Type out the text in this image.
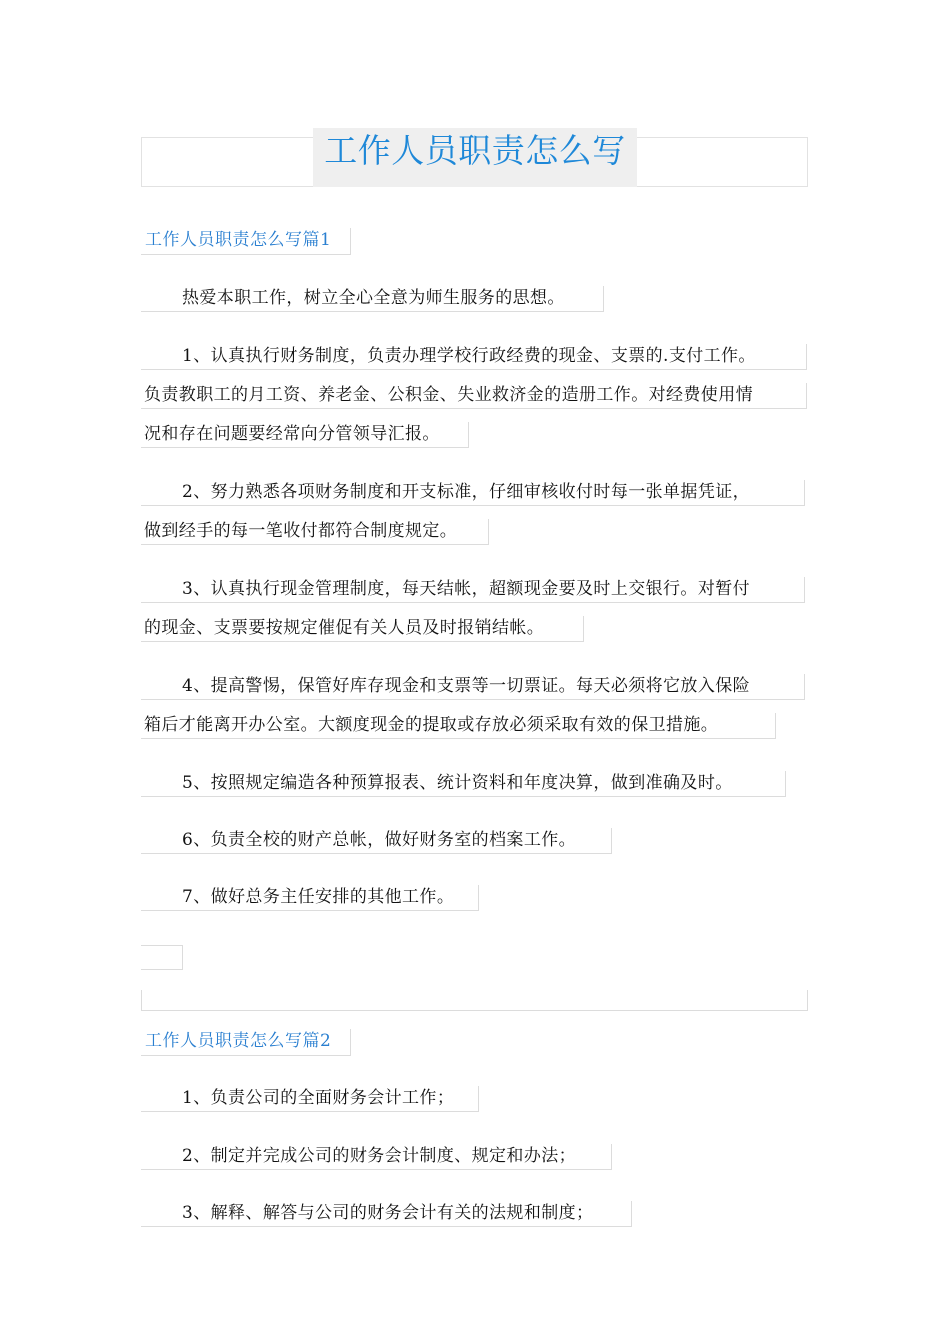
工作人员职责怎么写
工作人员职责怎么写篇1
热爱本职工作，树立全心全意为师生服务的思想。
1、认真执行财务制度，负责办理学校行政经费的现金、支票的.支付工作。
负责教职工的月工资、养老金、公积金、失业救济金的造册工作。对经费使用情
况和存在问题要经常向分管领导汇报。
2、努力熟悉各项财务制度和开支标准，仔细审核收付时每一张单据凭证，
做到经手的每一笔收付都符合制度规定。
3、认真执行现金管理制度，每天结帐，超额现金要及时上交银行。对暂付
的现金、支票要按规定催促有关人员及时报销结帐。
4、提高警惕，保管好库存现金和支票等一切票证。每天必须将它放入保险
箱后才能离开办公室。大额度现金的提取或存放必须采取有效的保卫措施。
5、按照规定编造各种预算报表、统计资料和年度决算，做到准确及时。
6、负责全校的财产总帐，做好财务室的档案工作。
7、做好总务主任安排的其他工作。
工作人员职责怎么写篇2
1、负责公司的全面财务会计工作；
2、制定并完成公司的财务会计制度、规定和办法；
3、解释、解答与公司的财务会计有关的法规和制度；
